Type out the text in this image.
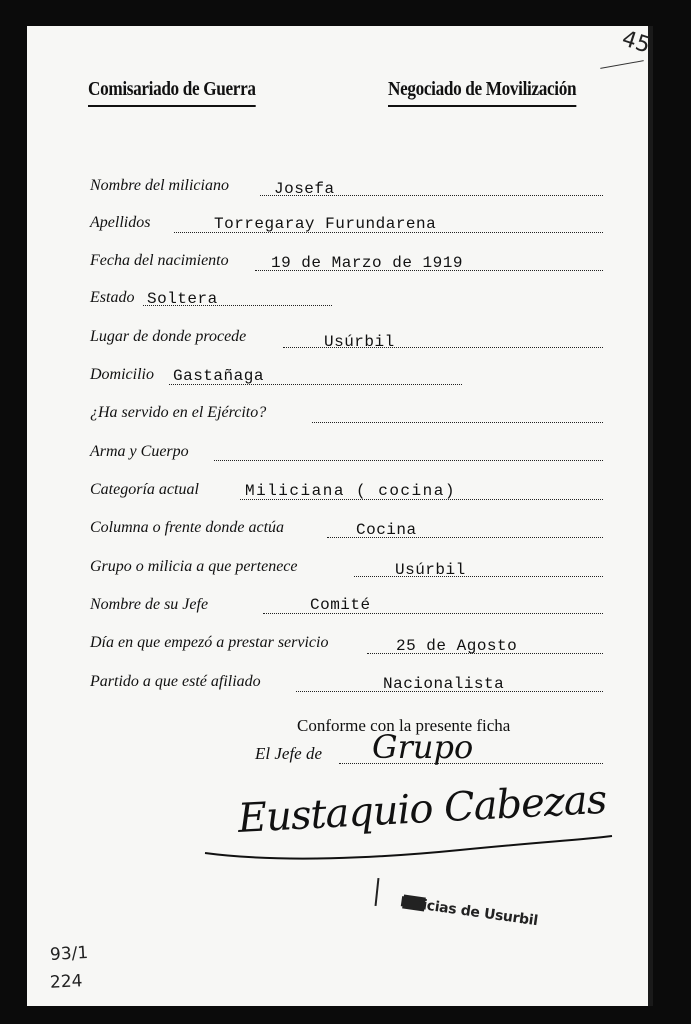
Comisariado de Guerra	Negociado de Movilización
45
Nombre del miliciano	Josefa
Apellidos	Torregaray Furundarena
Fecha del nacimiento	19 de Marzo de 1919
Estado Soltera
Lugar de donde procede	Usúrbil
Domicilio Gastañaga
¿Ha servido en el Ejército?
Arma y Cuerpo
Categoría actual	Miliciana ( cocina)
Columna o frente donde actúa	Cocina
Grupo o milicia a que pertenece	Usúrbil
Nombre de su Jefe	Comité
Día en que empezó a prestar servicio	25 de Agosto
Partido a que esté afiliado	Nacionalista
Conforme con la presente ficha
El Jefe de Grupo
Eustaquio Cabezas
Milicias de Usurbil
93/1
224
